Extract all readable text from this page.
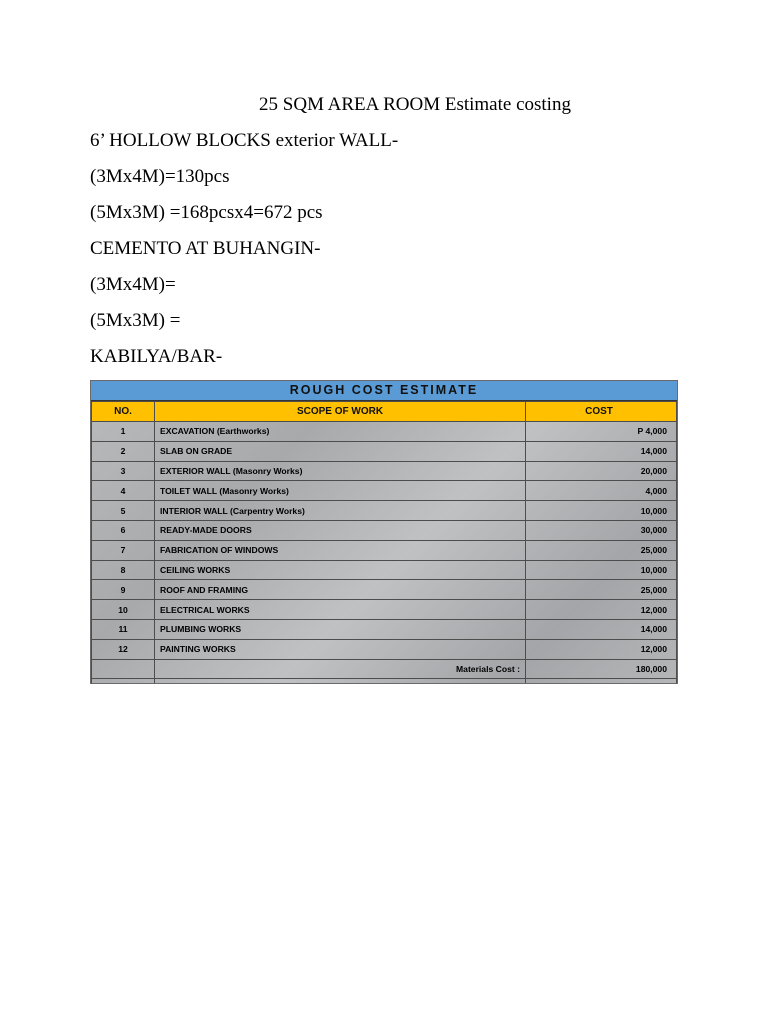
25 SQM AREA ROOM Estimate costing
6’ HOLLOW BLOCKS exterior WALL-
(3Mx4M)=130pcs
(5Mx3M) =168pcsx4=672 pcs
CEMENTO AT BUHANGIN-
(3Mx4M)=
(5Mx3M) =
KABILYA/BAR-
ROUGH COST ESTIMATE
NO.	SCOPE OF WORK	COST
1	EXCAVATION (Earthworks)	P 4,000
2	SLAB ON GRADE	14,000
3	EXTERIOR WALL (Masonry Works)	20,000
4	TOILET WALL (Masonry Works)	4,000
5	INTERIOR WALL (Carpentry Works)	10,000
6	READY-MADE DOORS	30,000
7	FABRICATION OF WINDOWS	25,000
8	CEILING WORKS	10,000
9	ROOF AND FRAMING	25,000
10	ELECTRICAL WORKS	12,000
11	PLUMBING WORKS	14,000
12	PAINTING WORKS	12,000
	Materials Cost :	180,000
